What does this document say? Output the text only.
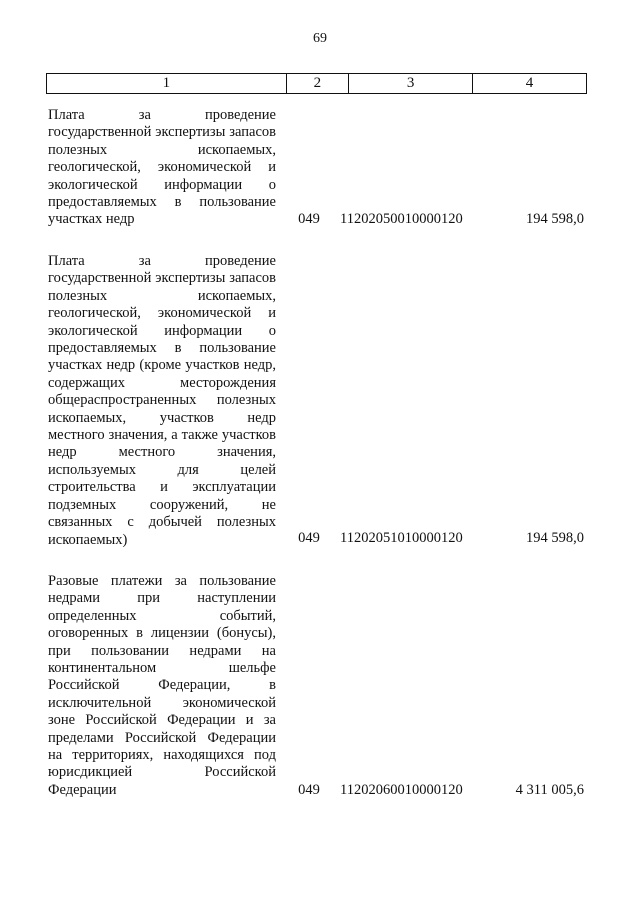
69
1	2	3	4
Плата за проведение государственной экспертизы запасов полезных ископаемых, геологической, экономической и экологической информации о предоставляемых в пользование участках недр	049 11202050010000120	194 598,0
Плата за проведение государственной экспертизы запасов полезных ископаемых, геологической, экономической и экологической информации о предоставляемых в пользование участках недр (кроме участков недр, содержащих месторождения общераспространенных полезных ископаемых, участков недр местного значения, а также участков недр местного значения, используемых для целей строительства и эксплуатации подземных сооружений, не связанных с добычей полезных ископаемых)	049 11202051010000120	194 598,0
Разовые платежи за пользование недрами при наступлении определенных событий, оговоренных в лицензии (бонусы), при пользовании недрами на континентальном шельфе Российской Федерации, в исключительной экономической зоне Российской Федерации и за пределами Российской Федерации на территориях, находящихся под юрисдикцией Российской Федерации	049 11202060010000120	4 311 005,6
